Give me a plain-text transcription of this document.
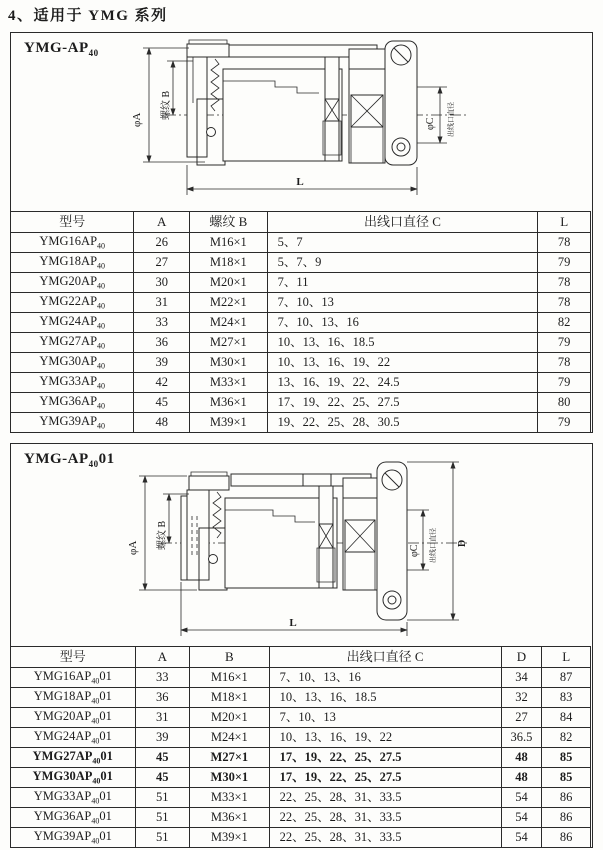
4、适用于 YMG 系列
YMG-$AP_{40}$
φA 螺纹 B
φC 出线口直径
L
型号	A	螺纹 B	出线口直径 C	L
$YMG16AP_{40}$	26	M16×1	5、7	78
$YMG18AP_{40}$	27	M18×1	5、7、9	79
$YMG20AP_{40}$	30	M20×1	7、11	78
$YMG22AP_{40}$	31	M22×1	7、10、13	78
$YMG24AP_{40}$	33	M24×1	7、10、13、16	82
$YMG27AP_{40}$	36	M27×1	10、13、16、18.5	79
$YMG30AP_{40}$	39	M30×1	10、13、16、19、22	78
$YMG33AP_{40}$	42	M33×1	13、16、19、22、24.5	79
$YMG36AP_{40}$	45	M36×1	17、19、22、25、27.5	80
$YMG39AP_{40}$	48	M39×1	19、22、25、28、30.5	79
YMG-$AP_{40}01$
φA 螺纹 B
φC 出线口直径 D
L
型号	A	B	出线口直径 C	D	L
$YMG16AP_{40}01$	33	M16×1	7、10、13、16	34	87
$YMG18AP_{40}01$	36	M18×1	10、13、16、18.5	32	83
$YMG20AP_{40}01$	31	M20×1	7、10、13	27	84
$YMG24AP_{40}01$	39	M24×1	10、13、16、19、22	36.5	82
$YMG27AP_{40}01$	45	M27×1	17、19、22、25、27.5	48	85
$YMG30AP_{40}01$	45	M30×1	17、19、22、25、27.5	48	85
$YMG33AP_{40}01$	51	M33×1	22、25、28、31、33.5	54	86
$YMG36AP_{40}01$	51	M36×1	22、25、28、31、33.5	54	86
$YMG39AP_{40}01$	51	M39×1	22、25、28、31、33.5	54	86
